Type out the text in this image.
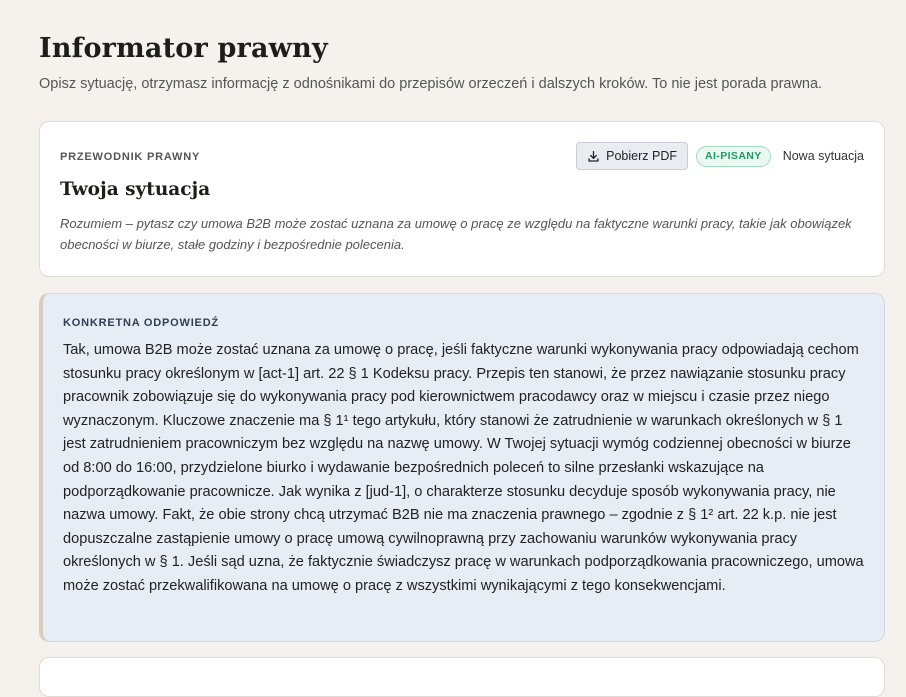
Informator prawny

Opisz sytuację, otrzymasz informację z odnośnikami do przepisów orzeczeń i dalszych kroków. To nie jest porada prawna.

PRZEWODNIK PRAWNY	Pobierz PDF	AI-PISANY	Nowa sytuacja
Twoja sytuacja

Rozumiem – pytasz czy umowa B2B może zostać uznana za umowę o pracę ze względu na faktyczne warunki pracy, takie jak obowiązek obecności w biurze, stałe godziny i bezpośrednie polecenia.

KONKRETNA ODPOWIEDŹ

Tak, umowa B2B może zostać uznana za umowę o pracę, jeśli faktyczne warunki wykonywania pracy odpowiadają cechom stosunku pracy określonym w [act-1] art. 22 § 1 Kodeksu pracy. Przepis ten stanowi, że przez nawiązanie stosunku pracy pracownik zobowiązuje się do wykonywania pracy pod kierownictwem pracodawcy oraz w miejscu i czasie przez niego wyznaczonym. Kluczowe znaczenie ma § 1¹ tego artykułu, który stanowi że zatrudnienie w warunkach określonych w § 1 jest zatrudnieniem pracowniczym bez względu na nazwę umowy. W Twojej sytuacji wymóg codziennej obecności w biurze od 8:00 do 16:00, przydzielone biurko i wydawanie bezpośrednich poleceń to silne przesłanki wskazujące na podporządkowanie pracownicze. Jak wynika z [jud-1], o charakterze stosunku decyduje sposób wykonywania pracy, nie nazwa umowy. Fakt, że obie strony chcą utrzymać B2B nie ma znaczenia prawnego – zgodnie z § 1² art. 22 k.p. nie jest dopuszczalne zastąpienie umowy o pracę umową cywilnoprawną przy zachowaniu warunków wykonywania pracy określonych w § 1. Jeśli sąd uzna, że faktycznie świadczysz pracę w warunkach podporządkowania pracowniczego, umowa może zostać przekwalifikowana na umowę o pracę z wszystkimi wynikającymi z tego konsekwencjami.
